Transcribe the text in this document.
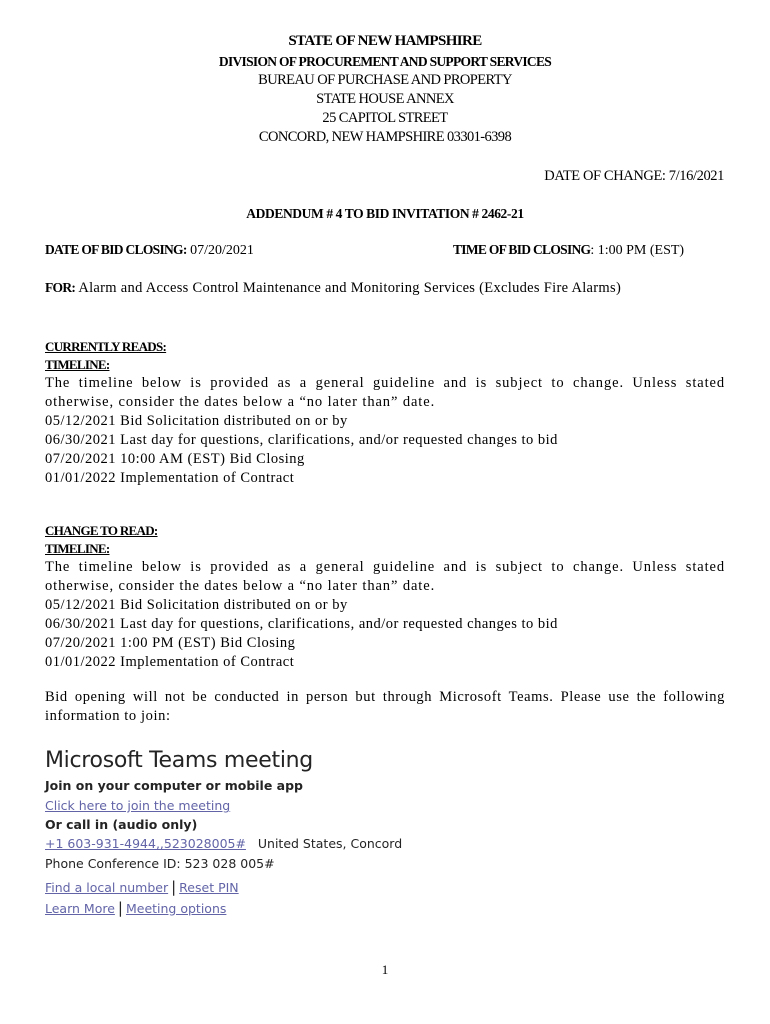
STATE OF NEW HAMPSHIRE
DIVISION OF PROCUREMENT AND SUPPORT SERVICES
BUREAU OF PURCHASE AND PROPERTY
STATE HOUSE ANNEX
25 CAPITOL STREET
CONCORD, NEW HAMPSHIRE 03301-6398
DATE OF CHANGE: 7/16/2021
ADDENDUM # 4 TO BID INVITATION # 2462-21
DATE OF BID CLOSING: 07/20/2021	TIME OF BID CLOSING: 1:00 PM (EST)
FOR: Alarm and Access Control Maintenance and Monitoring Services (Excludes Fire Alarms)
CURRENTLY READS:
TIMELINE:
The timeline below is provided as a general guideline and is subject to change. Unless stated otherwise, consider the dates below a “no later than” date.
05/12/2021 Bid Solicitation distributed on or by
06/30/2021 Last day for questions, clarifications, and/or requested changes to bid
07/20/2021 10:00 AM (EST) Bid Closing
01/01/2022 Implementation of Contract
CHANGE TO READ:
TIMELINE:
The timeline below is provided as a general guideline and is subject to change. Unless stated otherwise, consider the dates below a “no later than” date.
05/12/2021 Bid Solicitation distributed on or by
06/30/2021 Last day for questions, clarifications, and/or requested changes to bid
07/20/2021 1:00 PM (EST) Bid Closing
01/01/2022 Implementation of Contract
Bid opening will not be conducted in person but through Microsoft Teams. Please use the following information to join:
Microsoft Teams meeting
Join on your computer or mobile app
Click here to join the meeting
Or call in (audio only)
+1 603-931-4944,,523028005# United States, Concord
Phone Conference ID: 523 028 005#
Find a local number | Reset PIN
Learn More | Meeting options
1
